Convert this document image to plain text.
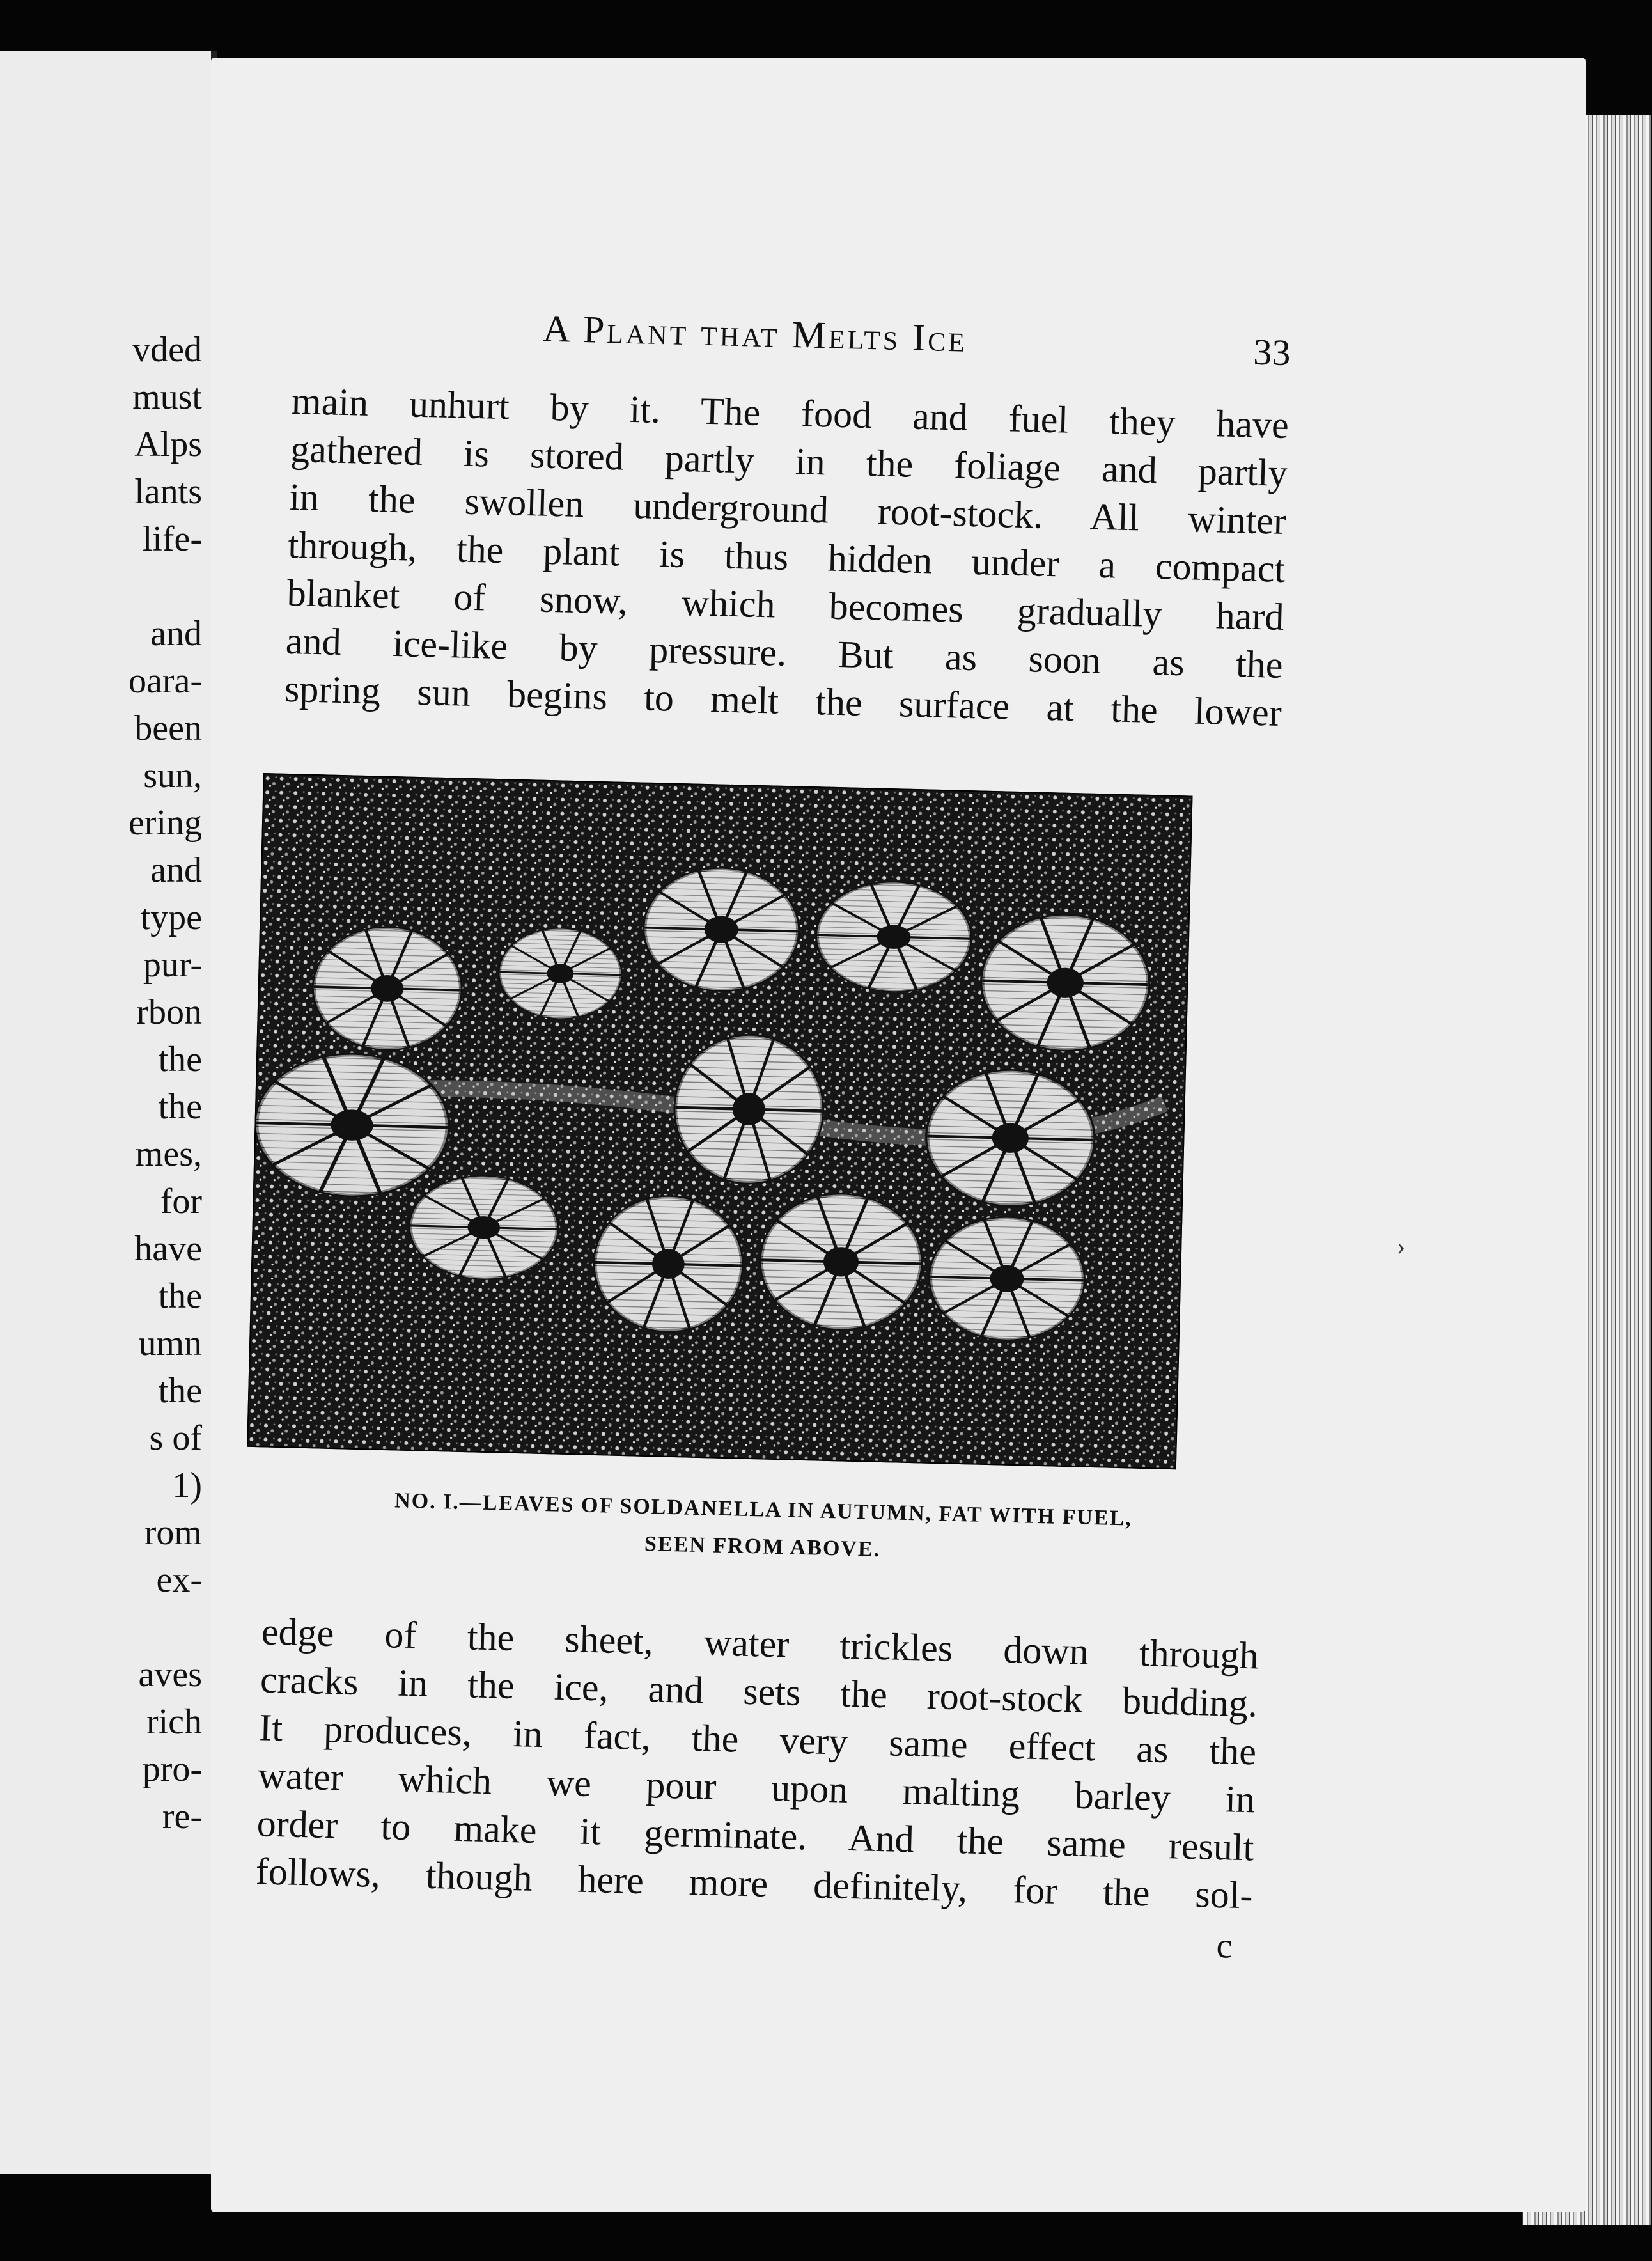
vded
must
Alps
lants
life-
and
oara-
been
sun,
ering
and
type
pur-
rbon
the
the
mes,
for
have
the
umn
the
s of
1)
rom
ex-
aves
rich
pro-
re-
›
A Plant that Melts Ice	33

main unhurt by it. The food and fuel they have

gathered is stored partly in the foliage and partly

in the swollen underground root-stock. All winter

through, the plant is thus hidden under a compact

blanket of snow, which becomes gradually hard

and ice-like by pressure. But as soon as the

spring sun begins to melt the surface at the lower

NO. I.—LEAVES OF SOLDANELLA IN AUTUMN, FAT WITH FUEL,
SEEN FROM ABOVE.

edge of the sheet, water trickles down through

cracks in the ice, and sets the root-stock budding.

It produces, in fact, the very same effect as the

water which we pour upon malting barley in

order to make it germinate. And the same result

follows, though here more definitely, for the sol-

c
